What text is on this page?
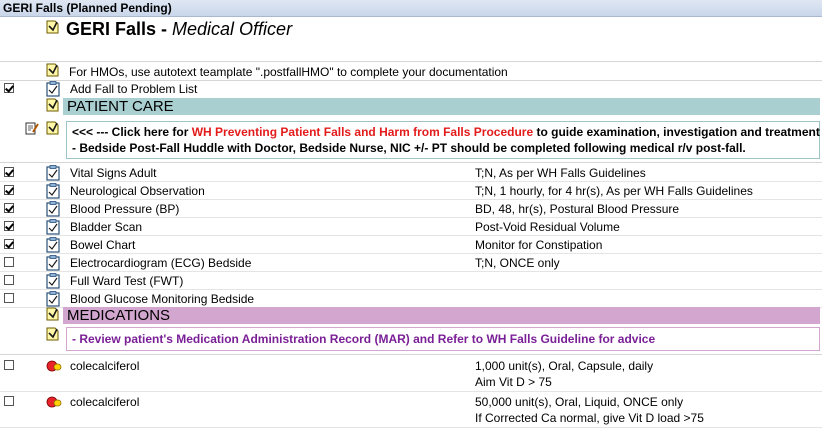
GERI Falls (Planned Pending)
GERI Falls - Medical Officer
For HMOs, use autotext teamplate ".postfallHMO" to complete your documentation
Add Fall to Problem List
PATIENT CARE
<<< --- Click here for WH Preventing Patient Falls and Harm from Falls Procedure to guide examination, investigation and treatment
- Bedside Post-Fall Huddle with Doctor, Bedside Nurse, NIC +/- PT should be completed following medical r/v post-fall.
Vital Signs Adult	T;N, As per WH Falls Guidelines
Neurological Observation	T;N, 1 hourly, for 4 hr(s), As per WH Falls Guidelines
Blood Pressure (BP)	BD, 48, hr(s), Postural Blood Pressure
Bladder Scan	Post-Void Residual Volume
Bowel Chart	Monitor for Constipation
Electrocardiogram (ECG) Bedside	T;N, ONCE only
Full Ward Test (FWT)
Blood Glucose Monitoring Bedside
MEDICATIONS
- Review patient's Medication Administration Record (MAR) and Refer to WH Falls Guideline for advice
colecalciferol	1,000 unit(s), Oral, Capsule, daily
Aim Vit D > 75
colecalciferol	50,000 unit(s), Oral, Liquid, ONCE only
If Corrected Ca normal, give Vit D load >75
